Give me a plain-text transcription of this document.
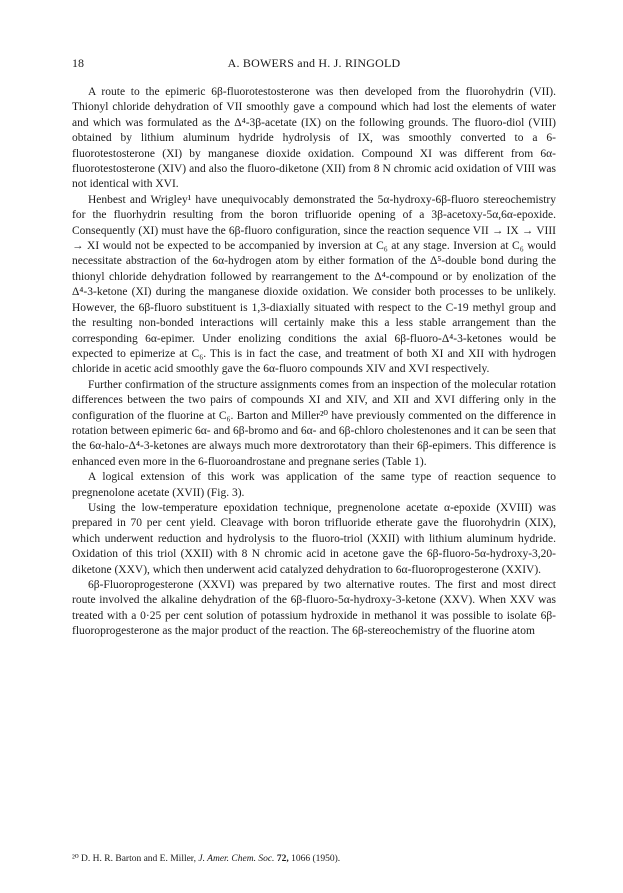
18	A. BOWERS and H. J. RINGOLD

A route to the epimeric 6β-fluorotestosterone was then developed from the fluorohydrin (VII). Thionyl chloride dehydration of VII smoothly gave a compound which had lost the elements of water and which was formulated as the Δ⁴-3β-acetate (IX) on the following grounds. The fluoro-diol (VIII) obtained by lithium aluminum hydride hydrolysis of IX, was smoothly converted to a 6-fluorotestosterone (XI) by manganese dioxide oxidation. Compound XI was different from 6α-fluorotestosterone (XIV) and also the fluoro-diketone (XII) from 8 N chromic acid oxidation of VIII was not identical with XVI.

Henbest and Wrigley¹ have unequivocably demonstrated the 5α-hydroxy-6β-fluoro stereochemistry for the fluorhydrin resulting from the boron trifluoride opening of a 3β-acetoxy-5α,6α-epoxide. Consequently (XI) must have the 6β-fluoro configuration, since the reaction sequence VII → IX → VIII → XI would not be expected to be accompanied by inversion at C₆ at any stage. Inversion at C₆ would necessitate abstraction of the 6α-hydrogen atom by either formation of the Δ⁵-double bond during the thionyl chloride dehydration followed by rearrangement to the Δ⁴-compound or by enolization of the Δ⁴-3-ketone (XI) during the manganese dioxide oxidation. We consider both processes to be unlikely. However, the 6β-fluoro substituent is 1,3-diaxially situated with respect to the C-19 methyl group and the resulting non-bonded interactions will certainly make this a less stable arrangement than the corresponding 6α-epimer. Under enolizing conditions the axial 6β-fluoro-Δ⁴-3-ketones would be expected to epimerize at C₆. This is in fact the case, and treatment of both XI and XII with hydrogen chloride in acetic acid smoothly gave the 6α-fluoro compounds XIV and XVI respectively.

Further confirmation of the structure assignments comes from an inspection of the molecular rotation differences between the two pairs of compounds XI and XIV, and XII and XVI differing only in the configuration of the fluorine at C₆. Barton and Miller²⁰ have previously commented on the difference in rotation between epimeric 6α- and 6β-bromo and 6α- and 6β-chloro cholestenones and it can be seen that the 6α-halo-Δ⁴-3-ketones are always much more dextrorotatory than their 6β-epimers. This difference is enhanced even more in the 6-fluoroandrostane and pregnane series (Table 1).

A logical extension of this work was application of the same type of reaction sequence to pregnenolone acetate (XVII) (Fig. 3).

Using the low-temperature epoxidation technique, pregnenolone acetate α-epoxide (XVIII) was prepared in 70 per cent yield. Cleavage with boron trifluoride etherate gave the fluorohydrin (XIX), which underwent reduction and hydrolysis to the fluoro-triol (XXII) with lithium aluminum hydride. Oxidation of this triol (XXII) with 8 N chromic acid in acetone gave the 6β-fluoro-5α-hydroxy-3,20-diketone (XXV), which then underwent acid catalyzed dehydration to 6α-fluoroprogesterone (XXIV).

6β-Fluoroprogesterone (XXVI) was prepared by two alternative routes. The first and most direct route involved the alkaline dehydration of the 6β-fluoro-5α-hydroxy-3-ketone (XXV). When XXV was treated with a 0·25 per cent solution of potassium hydroxide in methanol it was possible to isolate 6β-fluoroprogesterone as the major product of the reaction. The 6β-stereochemistry of the fluorine atom

²⁰ D. H. R. Barton and E. Miller, J. Amer. Chem. Soc. 72, 1066 (1950).
